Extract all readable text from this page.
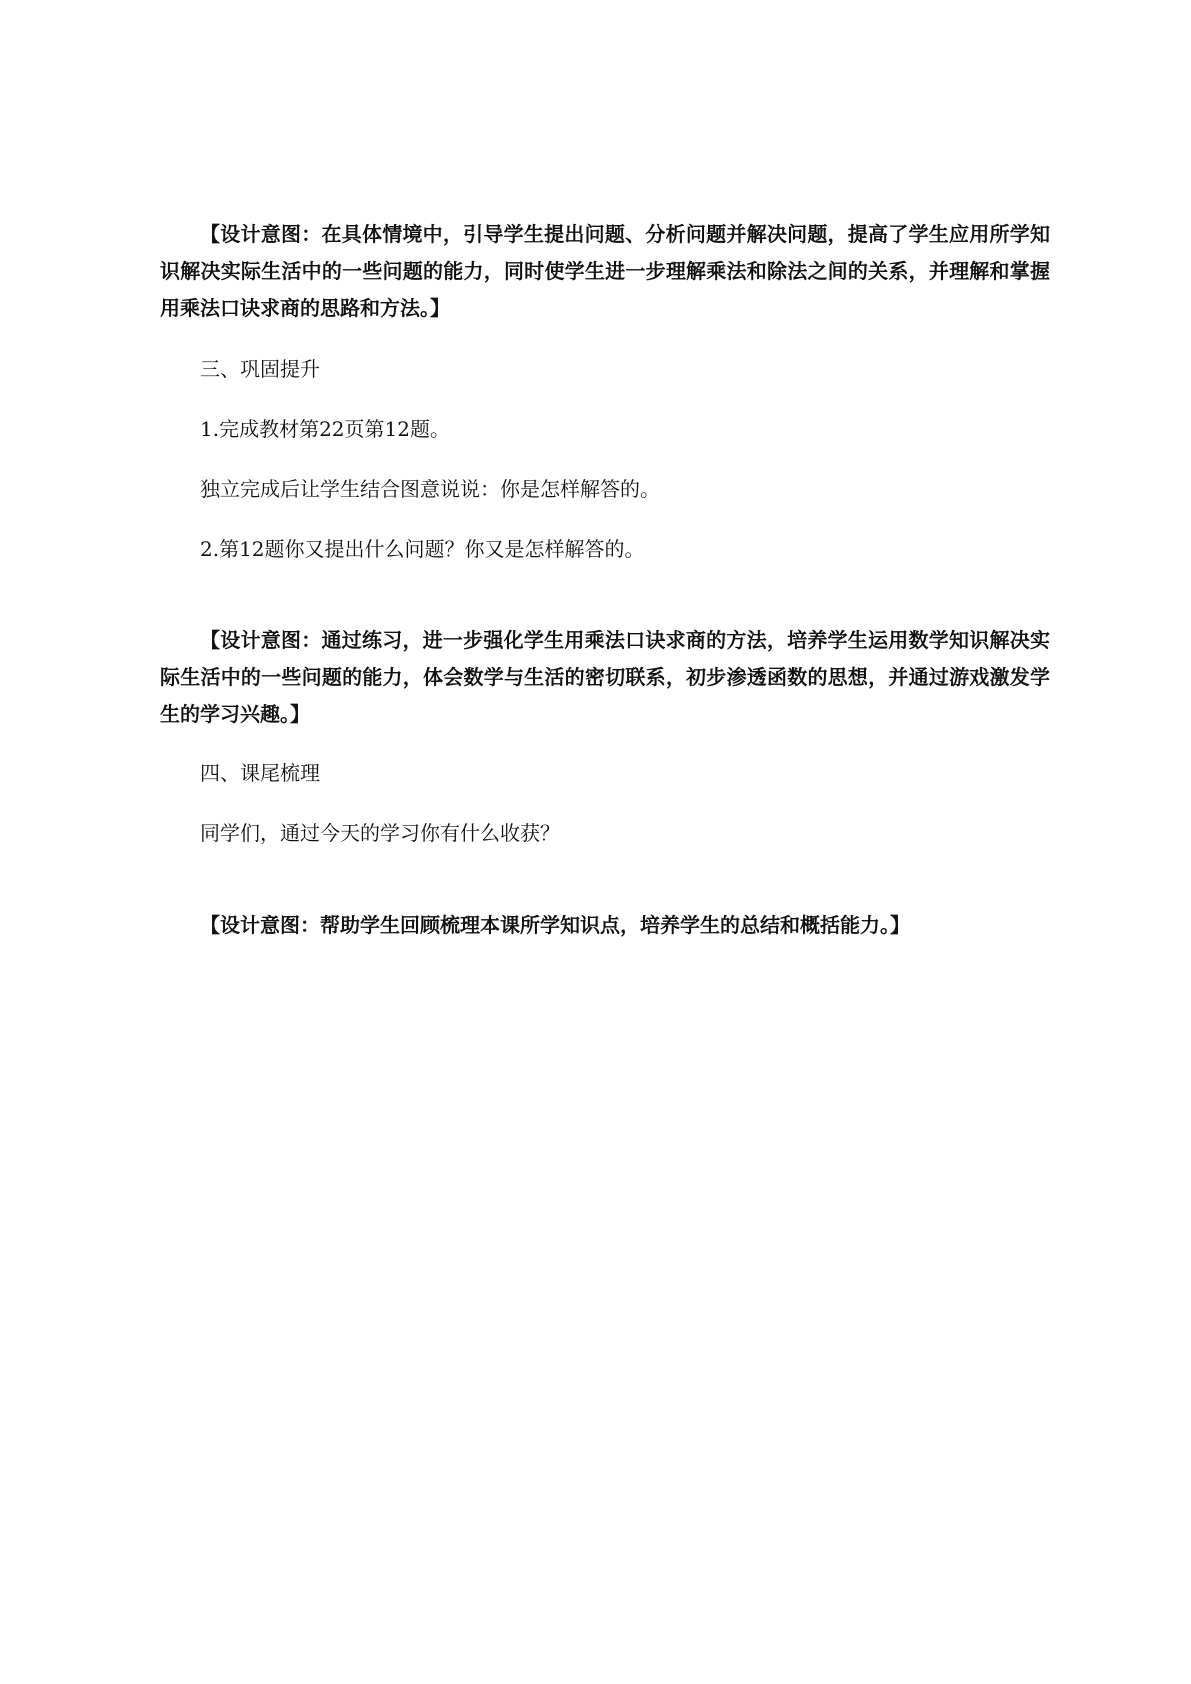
【设计意图：在具体情境中，引导学生提出问题、分析问题并解决问题，提高了学生应用所学知识解决实际生活中的一些问题的能力，同时使学生进一步理解乘法和除法之间的关系，并理解和掌握用乘法口诀求商的思路和方法。】

三、巩固提升

1.完成教材第22页第12题。

独立完成后让学生结合图意说说：你是怎样解答的。

2.第12题你又提出什么问题？你又是怎样解答的。

【设计意图：通过练习，进一步强化学生用乘法口诀求商的方法，培养学生运用数学知识解决实际生活中的一些问题的能力，体会数学与生活的密切联系，初步渗透函数的思想，并通过游戏激发学生的学习兴趣。】

四、课尾梳理

同学们，通过今天的学习你有什么收获？

【设计意图：帮助学生回顾梳理本课所学知识点，培养学生的总结和概括能力。】
